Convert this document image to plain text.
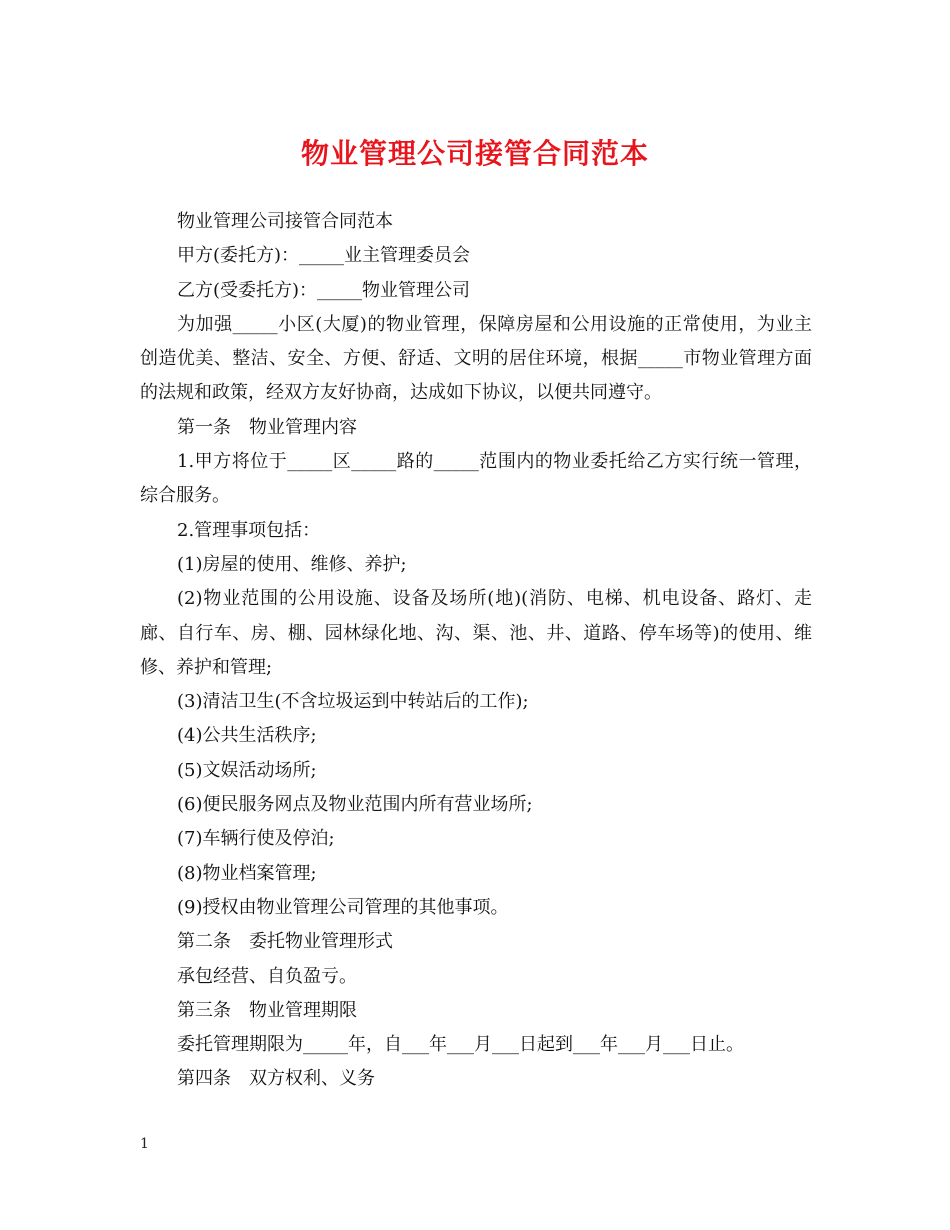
物业管理公司接管合同范本

物业管理公司接管合同范本

甲方(委托方)：_____业主管理委员会

乙方(受委托方)：_____物业管理公司

为加强_____小区(大厦)的物业管理，保障房屋和公用设施的正常使用，为业主创造优美、整洁、安全、方便、舒适、文明的居住环境，根据_____市物业管理方面的法规和政策，经双方友好协商，达成如下协议，以便共同遵守。

第一条　物业管理内容

1.甲方将位于_____区_____路的_____范围内的物业委托给乙方实行统一管理，综合服务。

2.管理事项包括：

(1)房屋的使用、维修、养护;

(2)物业范围的公用设施、设备及场所(地)(消防、电梯、机电设备、路灯、走廊、自行车、房、棚、园林绿化地、沟、渠、池、井、道路、停车场等)的使用、维修、养护和管理;

(3)清洁卫生(不含垃圾运到中转站后的工作);

(4)公共生活秩序;

(5)文娱活动场所;

(6)便民服务网点及物业范围内所有营业场所;

(7)车辆行使及停泊;

(8)物业档案管理;

(9)授权由物业管理公司管理的其他事项。

第二条　委托物业管理形式

承包经营、自负盈亏。

第三条　物业管理期限

委托管理期限为_____年，自___年___月___日起到___年___月___日止。

第四条　双方权利、义务

1
